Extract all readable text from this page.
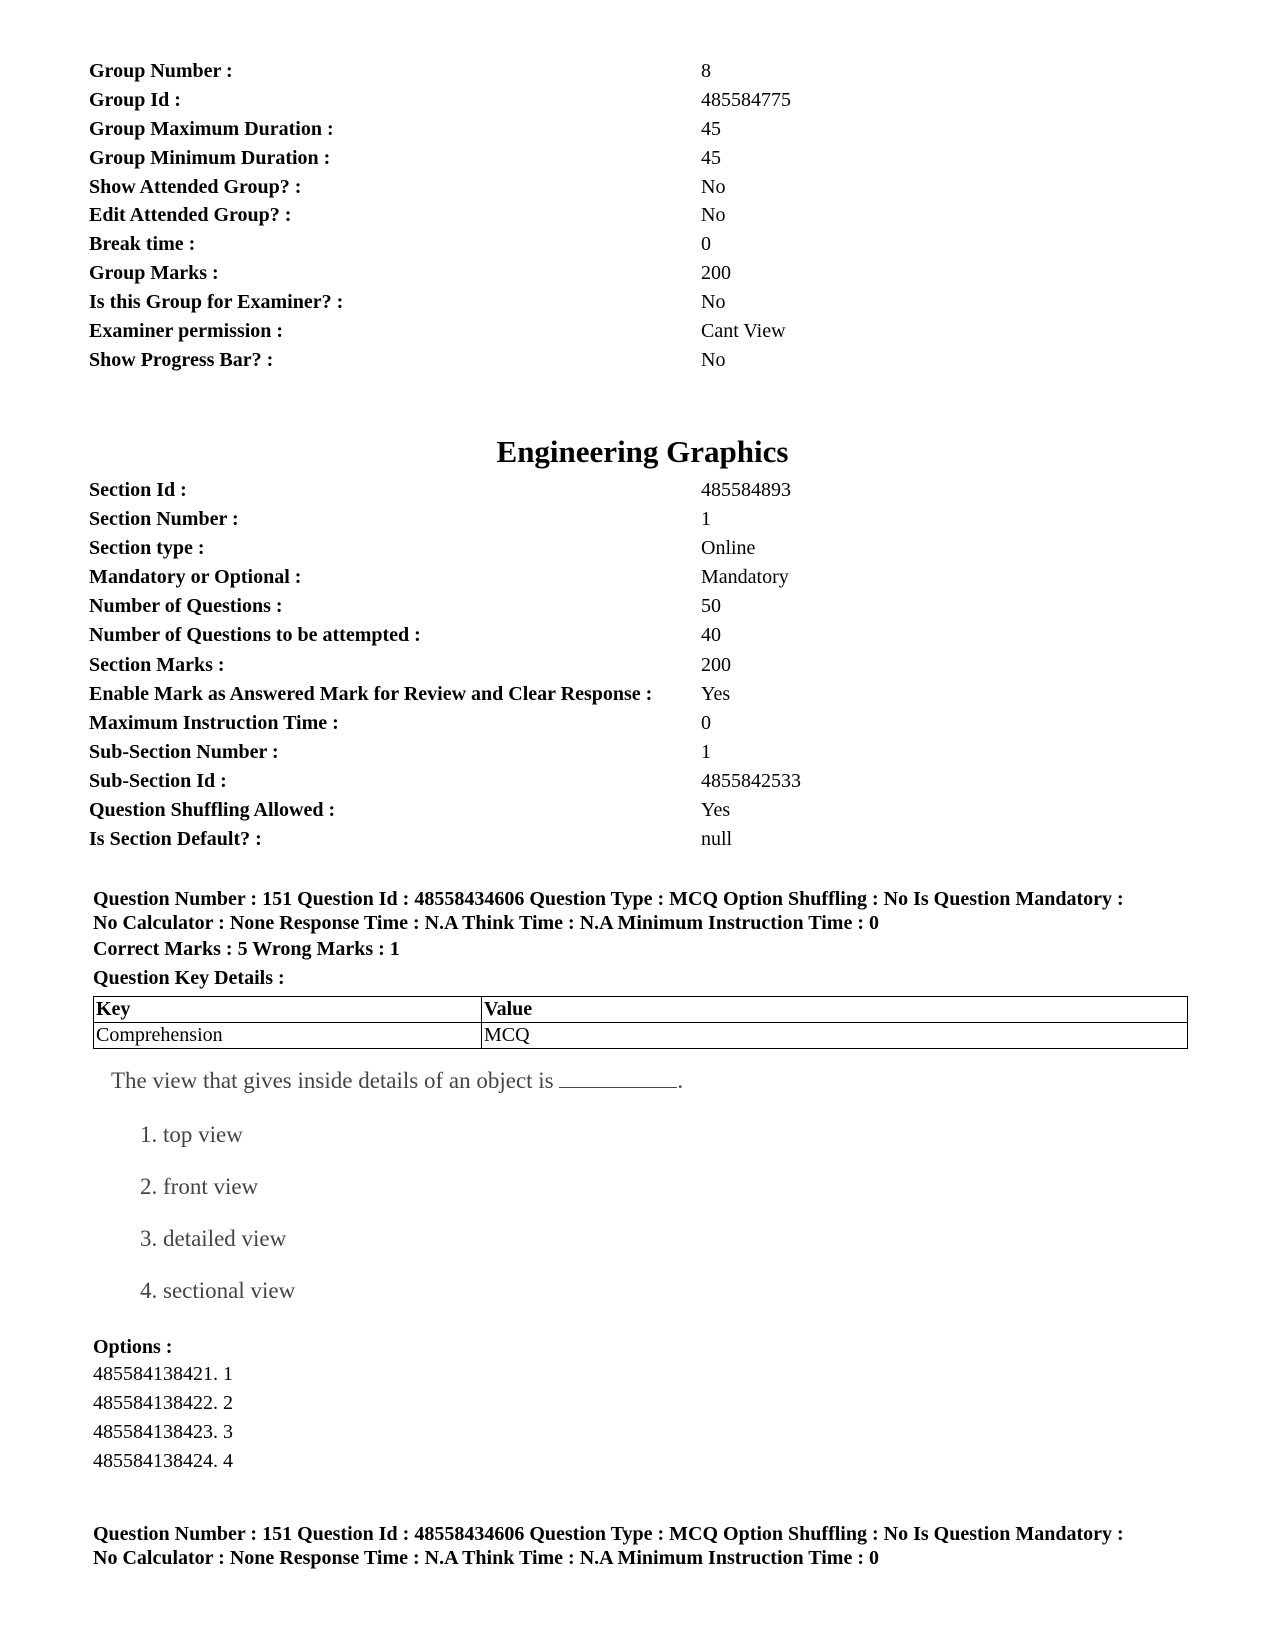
Group Number :	8
Group Id :	485584775
Group Maximum Duration :	45
Group Minimum Duration :	45
Show Attended Group? :	No
Edit Attended Group? :	No
Break time :	0
Group Marks :	200
Is this Group for Examiner? :	No
Examiner permission :	Cant View
Show Progress Bar? :	No
Engineering Graphics
Section Id :	485584893
Section Number :	1
Section type :	Online
Mandatory or Optional :	Mandatory
Number of Questions :	50
Number of Questions to be attempted :	40
Section Marks :	200
Enable Mark as Answered Mark for Review and Clear Response : Yes
Maximum Instruction Time :	0
Sub-Section Number :	1
Sub-Section Id :	4855842533
Question Shuffling Allowed :	Yes
Is Section Default? :	null
Question Number : 151 Question Id : 48558434606 Question Type : MCQ Option Shuffling : No Is Question Mandatory :
No Calculator : None Response Time : N.A Think Time : N.A Minimum Instruction Time : 0
Correct Marks : 5 Wrong Marks : 1
Question Key Details :
Key	Value
Comprehension	MCQ
The view that gives inside details of an object is	.
1. top view
2. front view
3. detailed view
4. sectional view
Options :
485584138421. 1
485584138422. 2
485584138423. 3
485584138424. 4
Question Number : 151 Question Id : 48558434606 Question Type : MCQ Option Shuffling : No Is Question Mandatory :
No Calculator : None Response Time : N.A Think Time : N.A Minimum Instruction Time : 0
